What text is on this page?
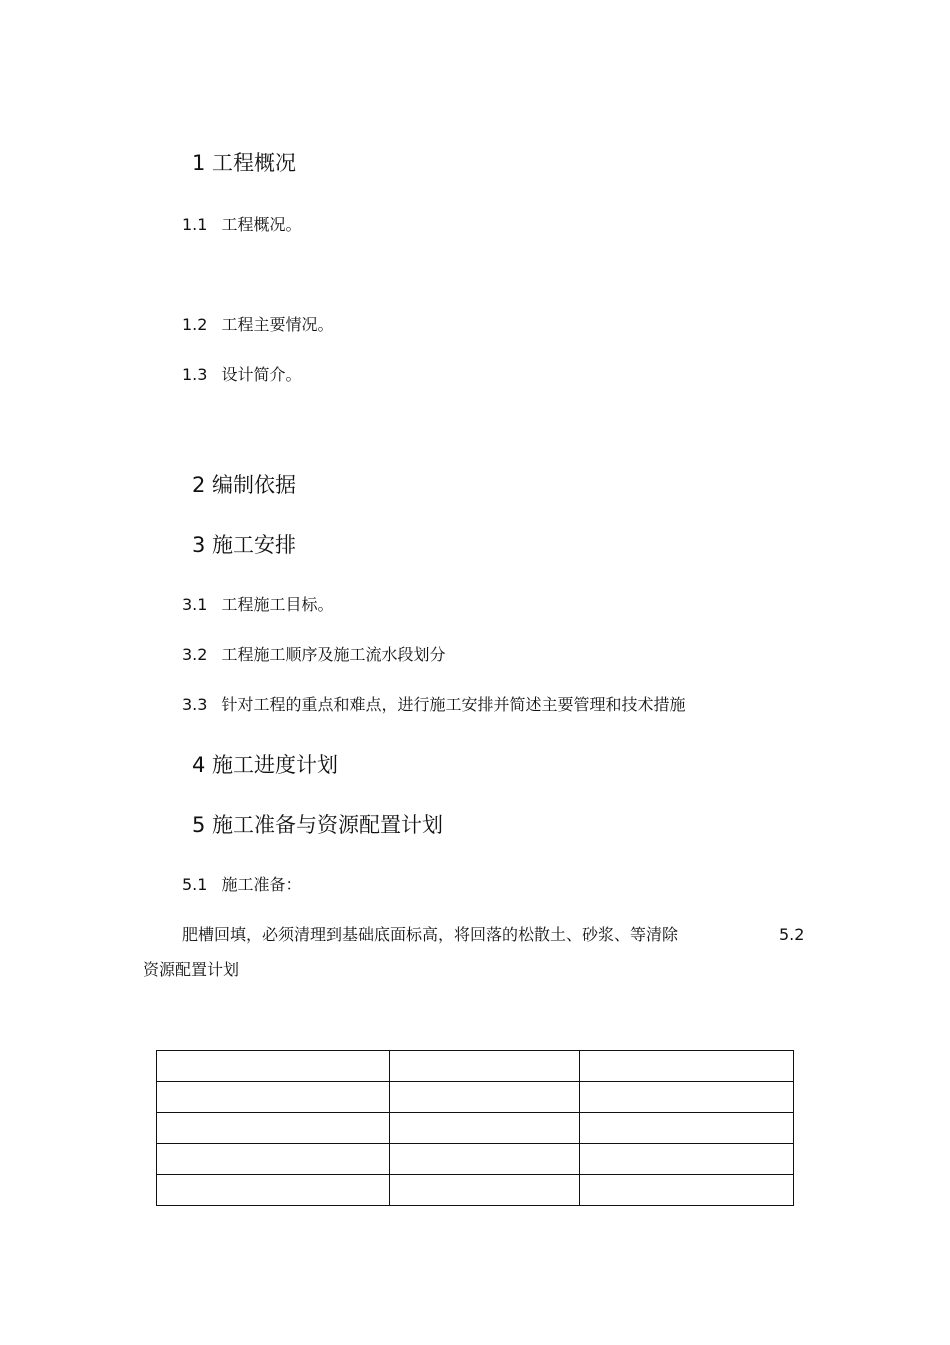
1 工程概况
1.1 工程概况。
1.2 工程主要情况。
1.3 设计简介。
2 编制依据
3 施工安排
3.1 工程施工目标。
3.2 工程施工顺序及施工流水段划分
3.3 针对工程的重点和难点，进行施工安排并简述主要管理和技术措施
4 施工进度计划
5 施工准备与资源配置计划
5.1 施工准备：
肥槽回填，必须清理到基础底面标高，将回落的松散土、砂浆、等清除	5.2
资源配置计划
